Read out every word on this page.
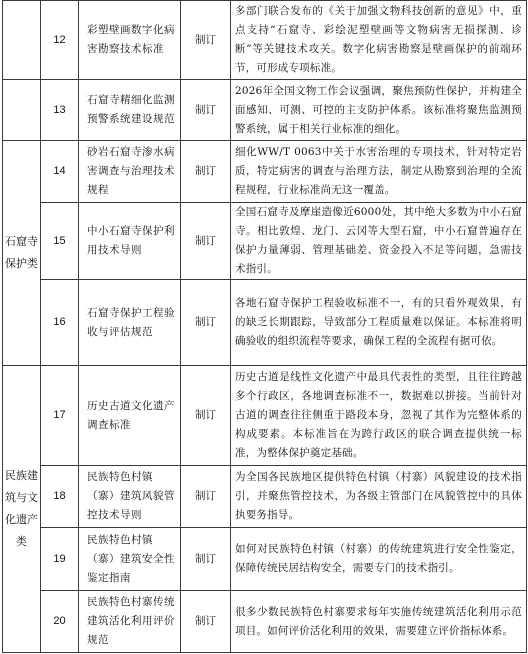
	12	彩塑壁画数字化病害勘察技术标准	制订	多部门联合发布的《关于加强文物科技创新的意见》中，重点支持“石窟寺、彩绘泥塑壁画等文物病害无损探测、诊断”等关键技术攻关。数字化病害勘察是壁画保护的前端环节，可形成专项标准。
	13	石窟寺精细化监测预警系统建设规范	制订	2026年全国文物工作会议强调，聚焦预防性保护，并构建全面感知、可测、可控的主支防护体系。该标准将聚焦监测预警系统，属于相关行业标准的细化。
石窟寺保护类	14	砂岩石窟寺渗水病害调查与治理技术规程	制订	细化WW/T 0063中关于水害治理的专项技术，针对特定岩质，特定病害的调查与治理方法，制定从勘察到治理的全流程规程，行业标准尚无这一覆盖。
	15	中小石窟寺保护利用技术导则	制订	全国石窟寺及摩崖造像近6000处，其中绝大多数为中小石窟寺。相比敦煌、龙门、云冈等大型石窟，中小石窟普遍存在保护力量薄弱、管理基础差、资金投入不足等问题，急需技术指引。
	16	石窟寺保护工程验收与评估规范	制订	各地石窟寺保护工程验收标准不一，有的只看外观效果，有的缺乏长期跟踪，导致部分工程质量难以保证。本标准将明确验收的组织流程等要求，确保工程的全流程有据可依。
民族建筑与文化遗产类	17	历史古道文化遗产调查标准	制订	历史古道是线性文化遗产中最具代表性的类型，且往往跨越多个行政区，各地调查标准不一，数据难以拼接。当前针对古道的调查往往侧重于路段本身，忽视了其作为完整体系的构成要素。本标准旨在为跨行政区的联合调查提供统一标准，为整体保护奠定基础。
	18	民族特色村镇（寨）建筑风貌管控技术导则	制订	为全国各民族地区提供特色村镇（村寨）风貌建设的技术指引，并聚焦管控技术，为各级主管部门在风貌管控中的具体执要务指导。
	19	民族特色村镇（寨）建筑安全性鉴定指南	制订	如何对民族特色村镇（村寨）的传统建筑进行安全性鉴定，保障传统民居结构安全，需要专门的技术指引。
	20	民族特色村寨传统建筑活化利用评价规范	制订	很多少数民族特色村寨要求每年实施传统建筑活化利用示范项目。如何评价活化利用的效果，需要建立评价指标体系。
